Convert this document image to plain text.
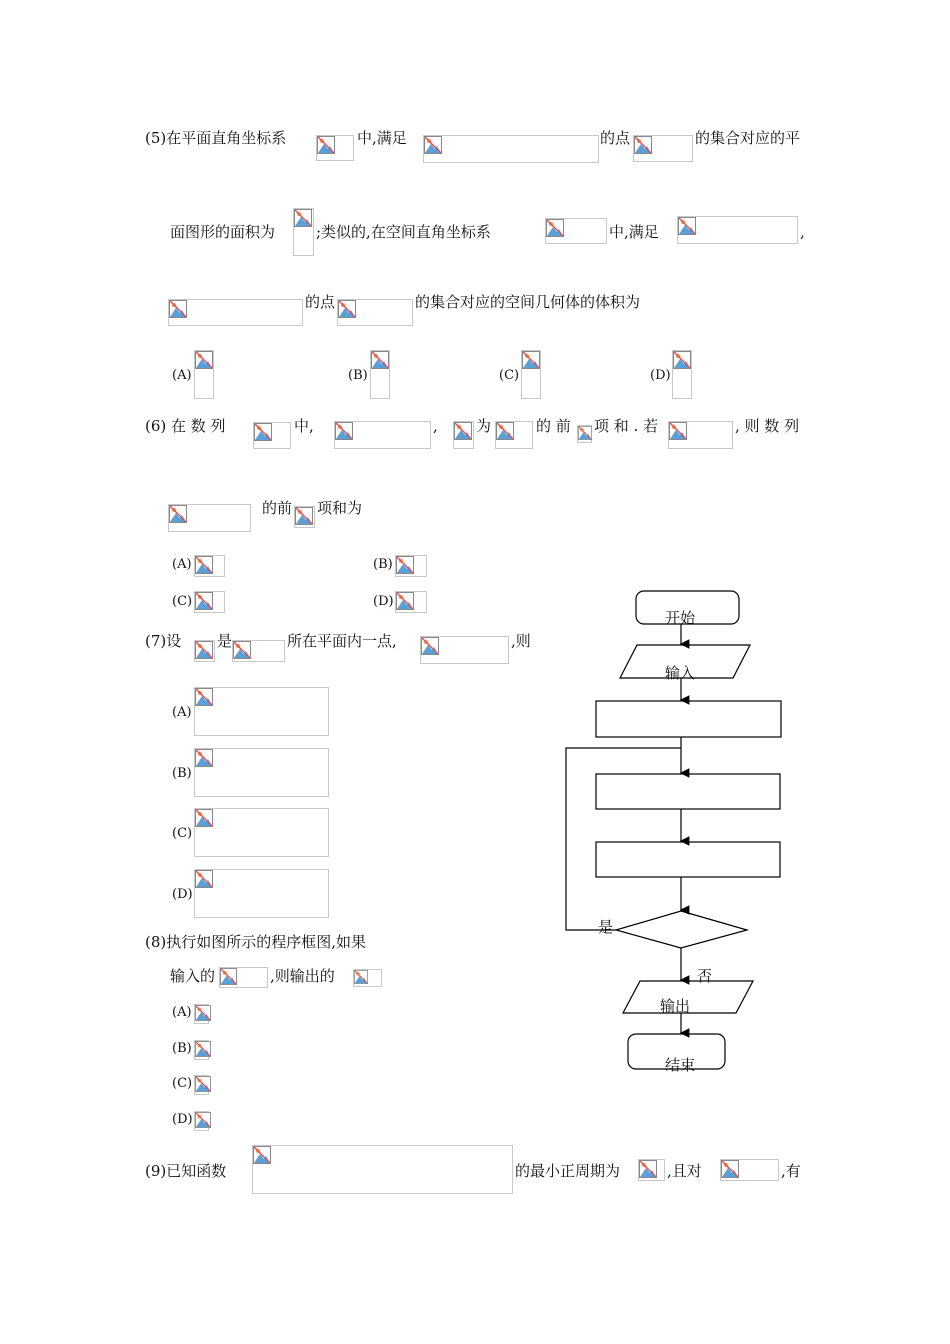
(5)在平面直角坐标系	中,满足	的点	的集合对应的平
面图形的面积为	;类似的,在空间直角坐标系	中,满足	,
的点	的集合对应的空间几何体的体积为
(A)	(B)	(C)	(D)
(6) 在 数 列	中,	,	为	的 前 项 和 . 若	, 则 数 列
的前 项和为
(A)	(B)
(C)	(D)
(7)设 是	所在平面内一点,	,则
(A)
(B)
(C)
(D)
(8)执行如图所示的程序框图,如果
输入的	,则输出的
(A)
(B)
(C)
(D)
(9)已知函数	的最小正周期为	,且对	,有
开始
输入
是
否
输出
结束
